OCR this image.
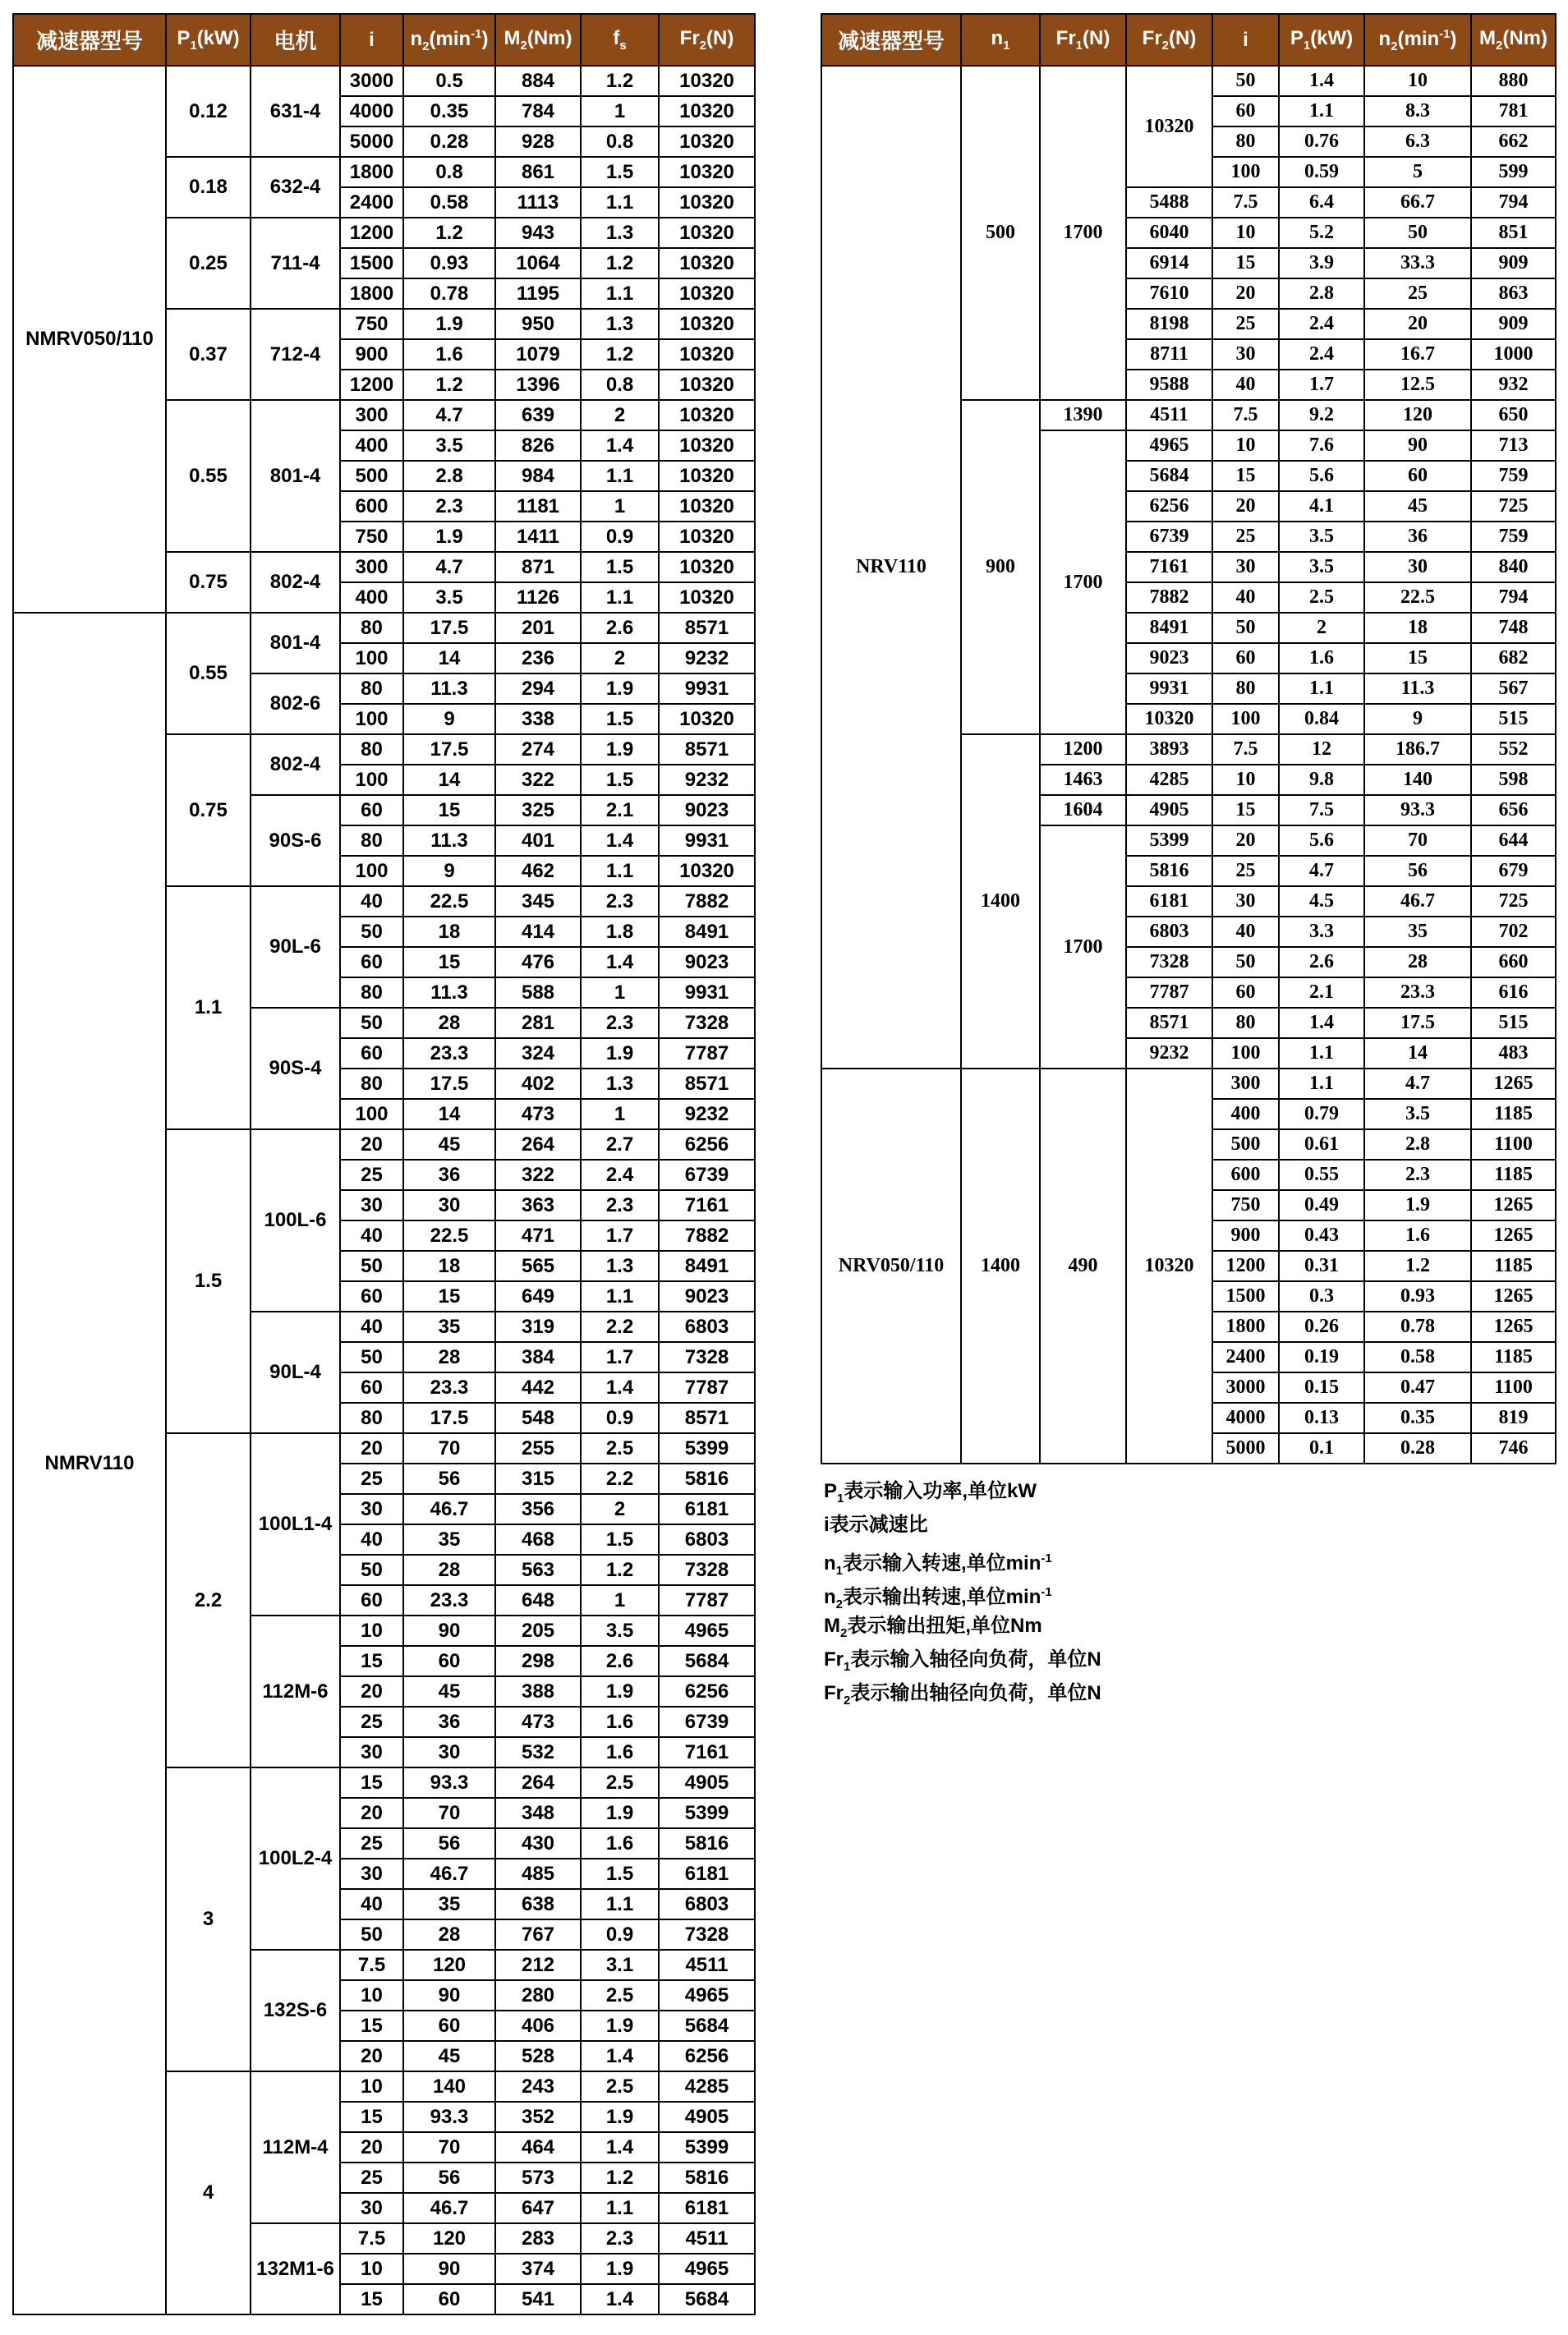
减速器型号	$P_1(kW)$	电机	i	$n_2(\min^{-1})$	$M_2(Nm)$	$f_s$	$Fr_2(N)$
NMRV050/110	0.12	631-4	3000	0.5	884	1.2	10320
			4000	0.35	784	1	10320
			5000	0.28	928	0.8	10320
	0.18	632-4	1800	0.8	861	1.5	10320
			2400	0.58	1113	1.1	10320
	0.25	711-4	1200	1.2	943	1.3	10320
			1500	0.93	1064	1.2	10320
			1800	0.78	1195	1.1	10320
	0.37	712-4	750	1.9	950	1.3	10320
			900	1.6	1079	1.2	10320
			1200	1.2	1396	0.8	10320
	0.55	801-4	300	4.7	639	2	10320
			400	3.5	826	1.4	10320
			500	2.8	984	1.1	10320
			600	2.3	1181	1	10320
			750	1.9	1411	0.9	10320
	0.75	802-4	300	4.7	871	1.5	10320
			400	3.5	1126	1.1	10320
NMRV110	0.55	801-4	80	17.5	201	2.6	8571
			100	14	236	2	9232
		802-6	80	11.3	294	1.9	9931
			100	9	338	1.5	10320
	0.75	802-4	80	17.5	274	1.9	8571
			100	14	322	1.5	9232
		90S-6	60	15	325	2.1	9023
			80	11.3	401	1.4	9931
			100	9	462	1.1	10320
	1.1	90L-6	40	22.5	345	2.3	7882
			50	18	414	1.8	8491
			60	15	476	1.4	9023
			80	11.3	588	1	9931
		90S-4	50	28	281	2.3	7328
			60	23.3	324	1.9	7787
			80	17.5	402	1.3	8571
			100	14	473	1	9232
	1.5	100L-6	20	45	264	2.7	6256
			25	36	322	2.4	6739
			30	30	363	2.3	7161
			40	22.5	471	1.7	7882
			50	18	565	1.3	8491
			60	15	649	1.1	9023
		90L-4	40	35	319	2.2	6803
			50	28	384	1.7	7328
			60	23.3	442	1.4	7787
			80	17.5	548	0.9	8571
	2.2	100L1-4	20	70	255	2.5	5399
			25	56	315	2.2	5816
			30	46.7	356	2	6181
			40	35	468	1.5	6803
			50	28	563	1.2	7328
			60	23.3	648	1	7787
		112M-6	10	90	205	3.5	4965
			15	60	298	2.6	5684
			20	45	388	1.9	6256
			25	36	473	1.6	6739
			30	30	532	1.6	7161
	3	100L2-4	15	93.3	264	2.5	4905
			20	70	348	1.9	5399
			25	56	430	1.6	5816
			30	46.7	485	1.5	6181
			40	35	638	1.1	6803
			50	28	767	0.9	7328
		132S-6	7.5	120	212	3.1	4511
			10	90	280	2.5	4965
			15	60	406	1.9	5684
			20	45	528	1.4	6256
	4	112M-4	10	140	243	2.5	4285
			15	93.3	352	1.9	4905
			20	70	464	1.4	5399
			25	56	573	1.2	5816
			30	46.7	647	1.1	6181
		132M1-6	7.5	120	283	2.3	4511
			10	90	374	1.9	4965
			15	60	541	1.4	5684
减速器型号	$n_1$	$Fr_1(N)$	$Fr_2(N)$	i	$P_1(kW)$	$n_2(\min^{-1})$	$M_2(Nm)$
NRV110	500	1700	10320	50	1.4	10	880
				60	1.1	8.3	781
				80	0.76	6.3	662
				100	0.59	5	599
			5488	7.5	6.4	66.7	794
			6040	10	5.2	50	851
			6914	15	3.9	33.3	909
			7610	20	2.8	25	863
			8198	25	2.4	20	909
			8711	30	2.4	16.7	1000
			9588	40	1.7	12.5	932
	900	1390	4511	7.5	9.2	120	650
		1700	4965	10	7.6	90	713
			5684	15	5.6	60	759
			6256	20	4.1	45	725
			6739	25	3.5	36	759
			7161	30	3.5	30	840
			7882	40	2.5	22.5	794
			8491	50	2	18	748
			9023	60	1.6	15	682
			9931	80	1.1	11.3	567
			10320	100	0.84	9	515
	1400	1200	3893	7.5	12	186.7	552
		1463	4285	10	9.8	140	598
		1604	4905	15	7.5	93.3	656
		1700	5399	20	5.6	70	644
			5816	25	4.7	56	679
			6181	30	4.5	46.7	725
			6803	40	3.3	35	702
			7328	50	2.6	28	660
			7787	60	2.1	23.3	616
			8571	80	1.4	17.5	515
			9232	100	1.1	14	483
NRV050/110	1400	490	10320	300	1.1	4.7	1265
				400	0.79	3.5	1185
				500	0.61	2.8	1100
				600	0.55	2.3	1185
				750	0.49	1.9	1265
				900	0.43	1.6	1265
				1200	0.31	1.2	1185
				1500	0.3	0.93	1265
				1800	0.26	0.78	1265
				2400	0.19	0.58	1185
				3000	0.15	0.47	1100
				4000	0.13	0.35	819
				5000	0.1	0.28	746
$P_1$表示输入功率,单位kW
i表示减速比
$n_1$表示输入转速,单位$\min^{-1}$
$n_2$表示输出转速,单位$\min^{-1}$
$M_2$表示输出扭矩,单位Nm
$Fr_1$表示输入轴径向负荷，单位N
$Fr_2$表示输出轴径向负荷，单位N
